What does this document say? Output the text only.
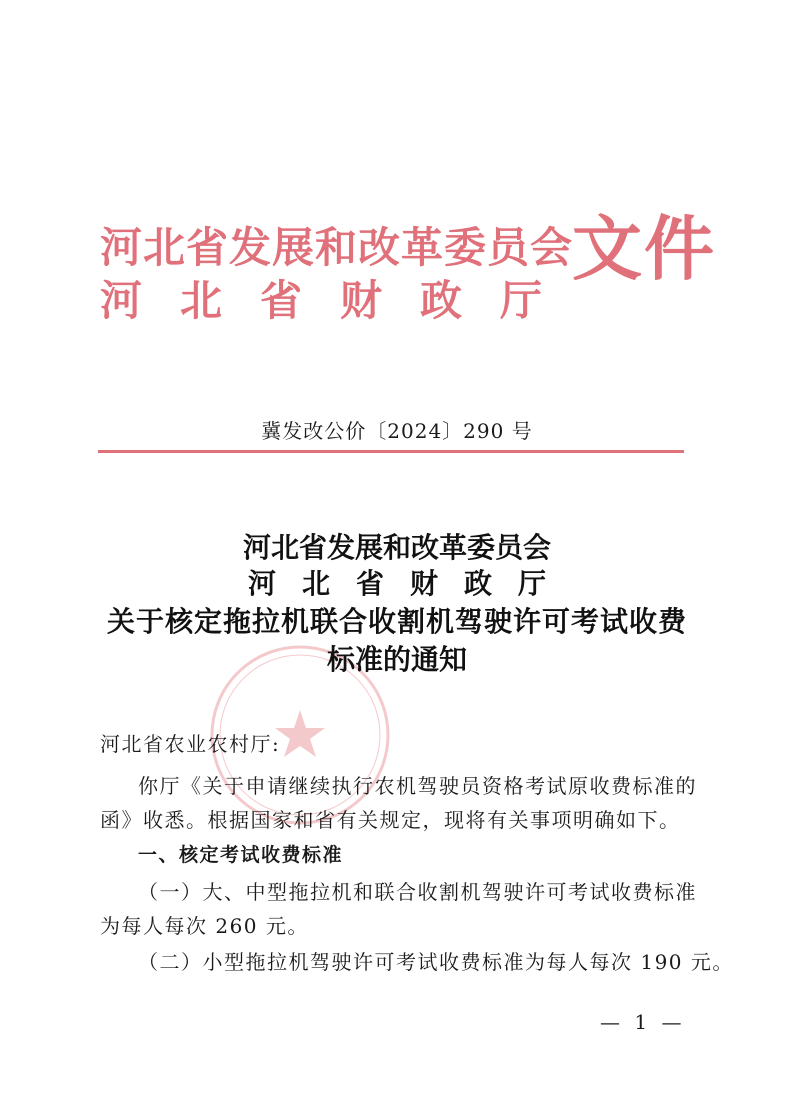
河北省发展和改革委员会
河北省财政厅
文件
冀发改公价〔2024〕290 号
河北省发展和改革委员会
河北省财政厅
关于核定拖拉机联合收割机驾驶许可考试收费
标准的通知
河北省农业农村厅:
你厅《关于申请继续执行农机驾驶员资格考试原收费标准的
函》收悉。根据国家和省有关规定，现将有关事项明确如下。
一、核定考试收费标准
（一）大、中型拖拉机和联合收割机驾驶许可考试收费标准
为每人每次 260 元。
（二）小型拖拉机驾驶许可考试收费标准为每人每次 190 元。
— 1 —
